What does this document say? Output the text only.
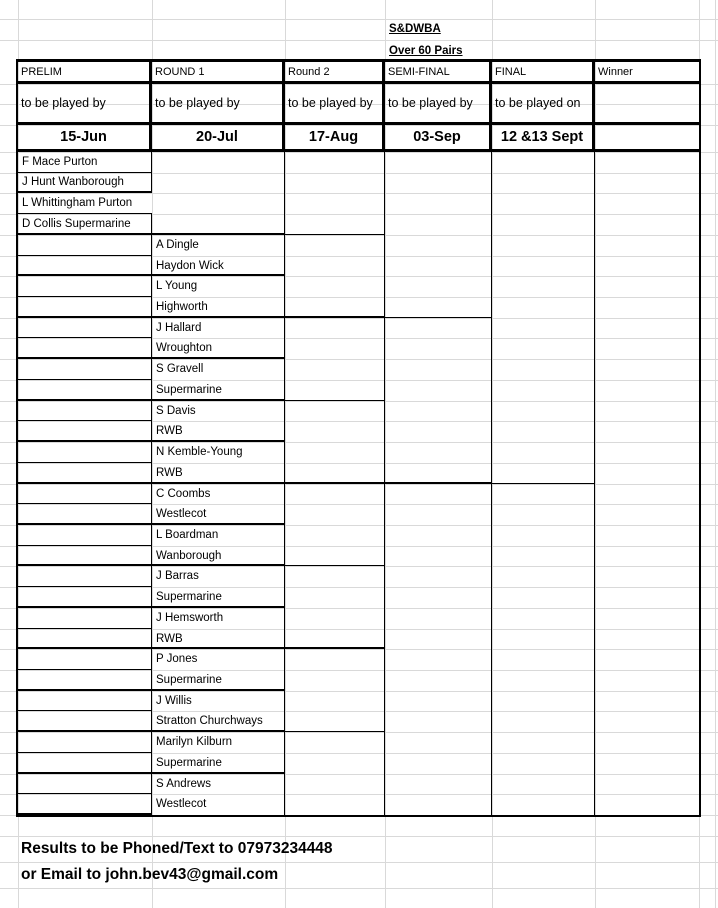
S&DWBA
Over 60 Pairs
PRELIM
to be played by
15-Jun
ROUND 1
to be played by
20-Jul
Round 2
to be played by
17-Aug
SEMI-FINAL
to be played by
03-Sep
FINAL
to be played on
12 &13 Sept
Winner
F Mace Purton
J Hunt Wanborough
L Whittingham Purton
D Collis Supermarine
A Dingle
Haydon Wick
L Young
Highworth
J Hallard
Wroughton
S Gravell
Supermarine
S Davis
RWB
N Kemble-Young
RWB
C Coombs
Westlecot
L Boardman
Wanborough
J Barras
Supermarine
J Hemsworth
RWB
P Jones
Supermarine
J Willis
Stratton Churchways
Marilyn Kilburn
Supermarine
S Andrews
Westlecot
Results to be Phoned/Text to 07973234448
or Email to john.bev43@gmail.com
